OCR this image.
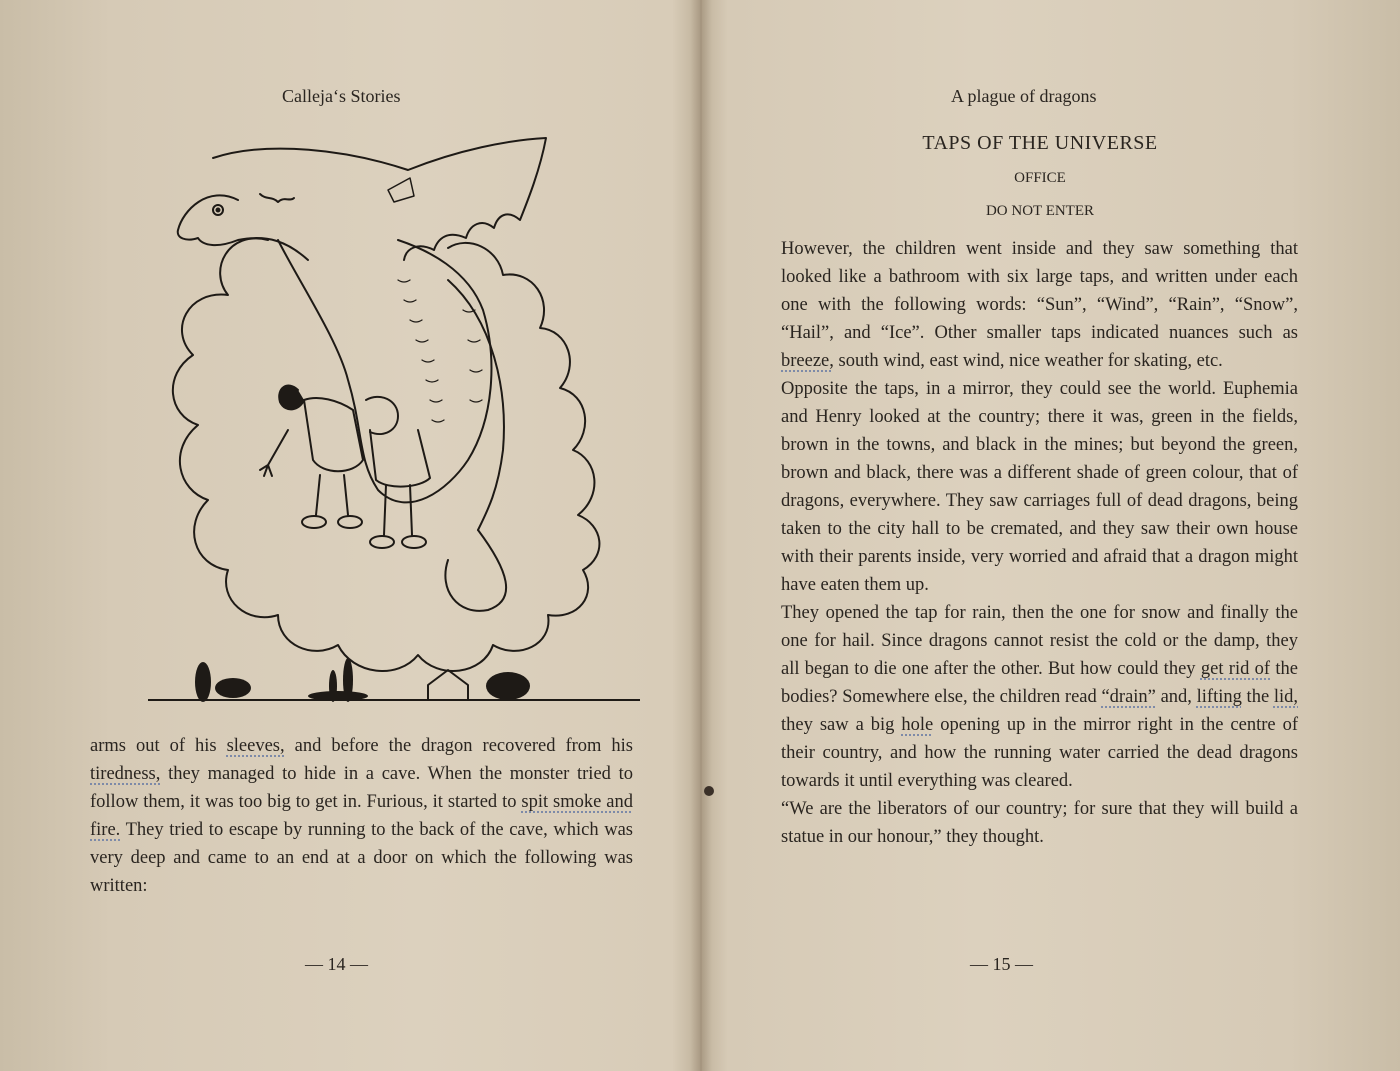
Calleja‘s Stories

arms out of his sleeves, and before the dragon recovered from his tiredness, they managed to hide in a cave. When the monster tried to follow them, it was too big to get in. Furious, it started to spit smoke and fire. They tried to escape by running to the back of the cave, which was very deep and came to an end at a door on which the following was written:

— 14 —
A plague of dragons
TAPS OF THE UNIVERSE
OFFICE
DO NOT ENTER

However, the children went inside and they saw something that looked like a bathroom with six large taps, and written under each one with the following words: “Sun”, “Wind”, “Rain”, “Snow”, “Hail”, and “Ice”. Other smaller taps indicated nuances such as breeze, south wind, east wind, nice weather for skating, etc.

Opposite the taps, in a mirror, they could see the world. Euphemia and Henry looked at the country; there it was, green in the fields, brown in the towns, and black in the mines; but beyond the green, brown and black, there was a different shade of green colour, that of dragons, everywhere. They saw carriages full of dead dragons, being taken to the city hall to be cremated, and they saw their own house with their parents inside, very worried and afraid that a dragon might have eaten them up.

They opened the tap for rain, then the one for snow and finally the one for hail. Since dragons cannot resist the cold or the damp, they all began to die one after the other. But how could they get rid of the bodies? Somewhere else, the children read “drain” and, lifting the lid, they saw a big hole opening up in the mirror right in the centre of their country, and how the running water carried the dead dragons towards it until everything was cleared.

“We are the liberators of our country; for sure that they will build a statue in our honour,” they thought.

— 15 —
